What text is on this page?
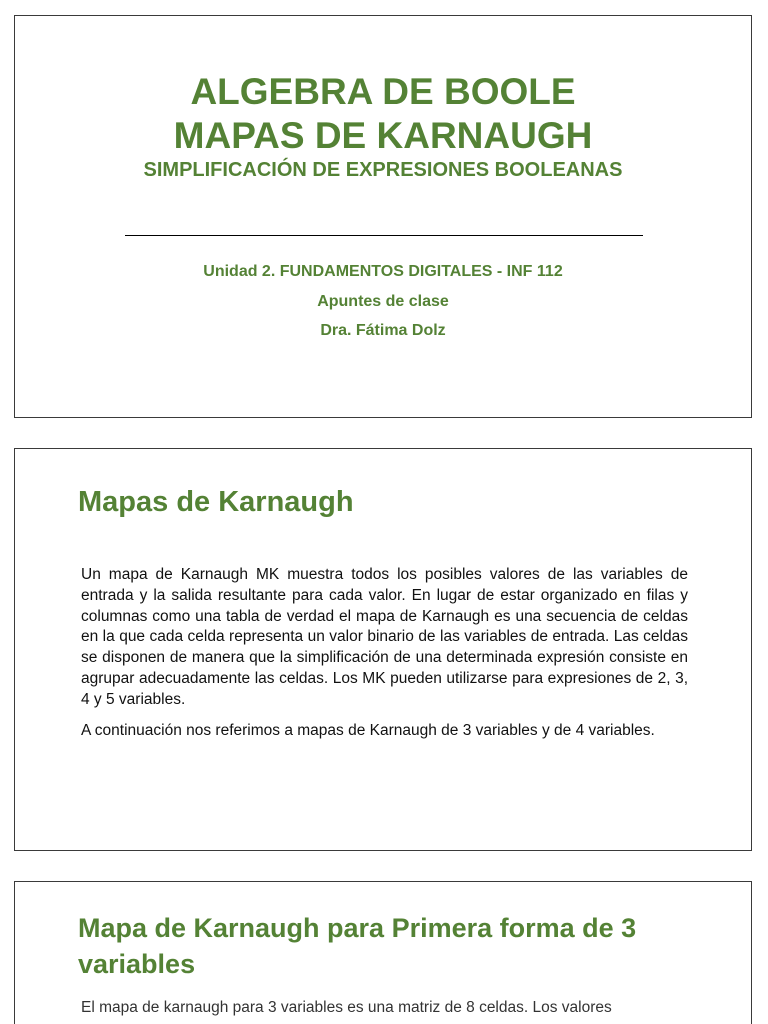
ALGEBRA DE BOOLE
MAPAS DE KARNAUGH
SIMPLIFICACIÓN DE EXPRESIONES BOOLEANAS
Unidad 2. FUNDAMENTOS DIGITALES - INF 112
Apuntes de clase
Dra. Fátima Dolz
Mapas de Karnaugh

Un mapa de Karnaugh MK muestra todos los posibles valores de las variables de entrada y la salida resultante para cada valor. En lugar de estar organizado en filas y columnas como una tabla de verdad el mapa de Karnaugh es una secuencia de celdas en la que cada celda representa un valor binario de las variables de entrada. Las celdas se disponen de manera que la simplificación de una determinada expresión consiste en agrupar adecuadamente las celdas. Los MK pueden utilizarse para expresiones de 2, 3, 4 y 5 variables.

A continuación nos referimos a mapas de Karnaugh de 3 variables y de 4 variables.

Mapa de Karnaugh para Primera forma de 3 variables

El mapa de karnaugh para 3 variables es una matriz de 8 celdas. Los valores
